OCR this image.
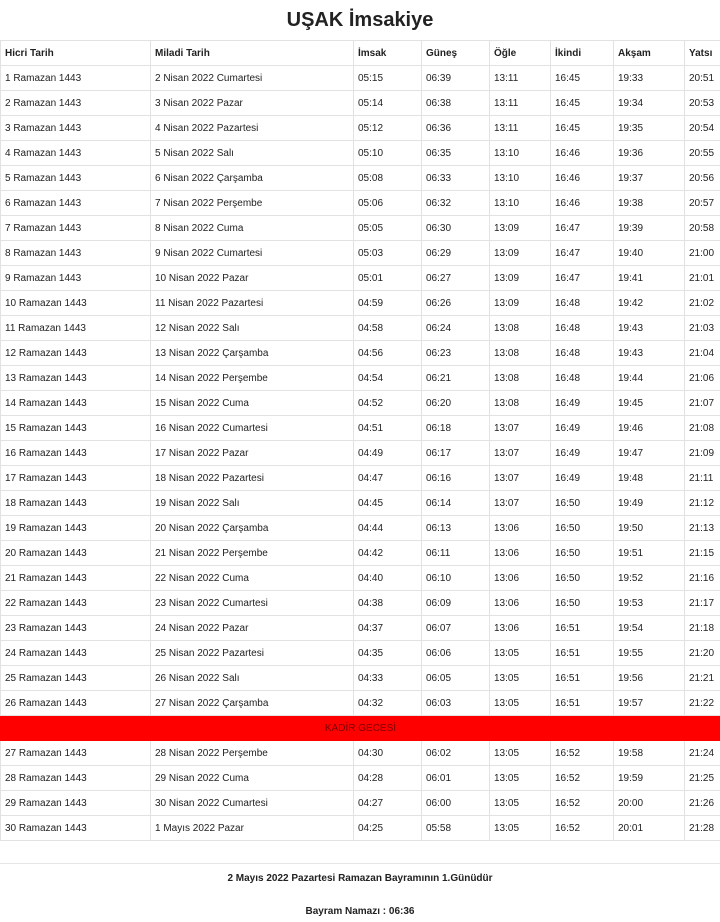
UŞAK İmsakiye
Hicri Tarih	Miladi Tarih	İmsak	Güneş	Öğle	İkindi	Akşam	Yatsı
1 Ramazan 1443	2 Nisan 2022 Cumartesi	05:15	06:39	13:11	16:45	19:33	20:51
2 Ramazan 1443	3 Nisan 2022 Pazar	05:14	06:38	13:11	16:45	19:34	20:53
3 Ramazan 1443	4 Nisan 2022 Pazartesi	05:12	06:36	13:11	16:45	19:35	20:54
4 Ramazan 1443	5 Nisan 2022 Salı	05:10	06:35	13:10	16:46	19:36	20:55
5 Ramazan 1443	6 Nisan 2022 Çarşamba	05:08	06:33	13:10	16:46	19:37	20:56
6 Ramazan 1443	7 Nisan 2022 Perşembe	05:06	06:32	13:10	16:46	19:38	20:57
7 Ramazan 1443	8 Nisan 2022 Cuma	05:05	06:30	13:09	16:47	19:39	20:58
8 Ramazan 1443	9 Nisan 2022 Cumartesi	05:03	06:29	13:09	16:47	19:40	21:00
9 Ramazan 1443	10 Nisan 2022 Pazar	05:01	06:27	13:09	16:47	19:41	21:01
10 Ramazan 1443	11 Nisan 2022 Pazartesi	04:59	06:26	13:09	16:48	19:42	21:02
11 Ramazan 1443	12 Nisan 2022 Salı	04:58	06:24	13:08	16:48	19:43	21:03
12 Ramazan 1443	13 Nisan 2022 Çarşamba	04:56	06:23	13:08	16:48	19:43	21:04
13 Ramazan 1443	14 Nisan 2022 Perşembe	04:54	06:21	13:08	16:48	19:44	21:06
14 Ramazan 1443	15 Nisan 2022 Cuma	04:52	06:20	13:08	16:49	19:45	21:07
15 Ramazan 1443	16 Nisan 2022 Cumartesi	04:51	06:18	13:07	16:49	19:46	21:08
16 Ramazan 1443	17 Nisan 2022 Pazar	04:49	06:17	13:07	16:49	19:47	21:09
17 Ramazan 1443	18 Nisan 2022 Pazartesi	04:47	06:16	13:07	16:49	19:48	21:11
18 Ramazan 1443	19 Nisan 2022 Salı	04:45	06:14	13:07	16:50	19:49	21:12
19 Ramazan 1443	20 Nisan 2022 Çarşamba	04:44	06:13	13:06	16:50	19:50	21:13
20 Ramazan 1443	21 Nisan 2022 Perşembe	04:42	06:11	13:06	16:50	19:51	21:15
21 Ramazan 1443	22 Nisan 2022 Cuma	04:40	06:10	13:06	16:50	19:52	21:16
22 Ramazan 1443	23 Nisan 2022 Cumartesi	04:38	06:09	13:06	16:50	19:53	21:17
23 Ramazan 1443	24 Nisan 2022 Pazar	04:37	06:07	13:06	16:51	19:54	21:18
24 Ramazan 1443	25 Nisan 2022 Pazartesi	04:35	06:06	13:05	16:51	19:55	21:20
25 Ramazan 1443	26 Nisan 2022 Salı	04:33	06:05	13:05	16:51	19:56	21:21
26 Ramazan 1443	27 Nisan 2022 Çarşamba	04:32	06:03	13:05	16:51	19:57	21:22
KADİR GECESİ							
27 Ramazan 1443	28 Nisan 2022 Perşembe	04:30	06:02	13:05	16:52	19:58	21:24
28 Ramazan 1443	29 Nisan 2022 Cuma	04:28	06:01	13:05	16:52	19:59	21:25
29 Ramazan 1443	30 Nisan 2022 Cumartesi	04:27	06:00	13:05	16:52	20:00	21:26
30 Ramazan 1443	1 Mayıs 2022 Pazar	04:25	05:58	13:05	16:52	20:01	21:28
2 Mayıs 2022 Pazartesi Ramazan Bayramının 1.Günüdür
Bayram Namazı : 06:36
